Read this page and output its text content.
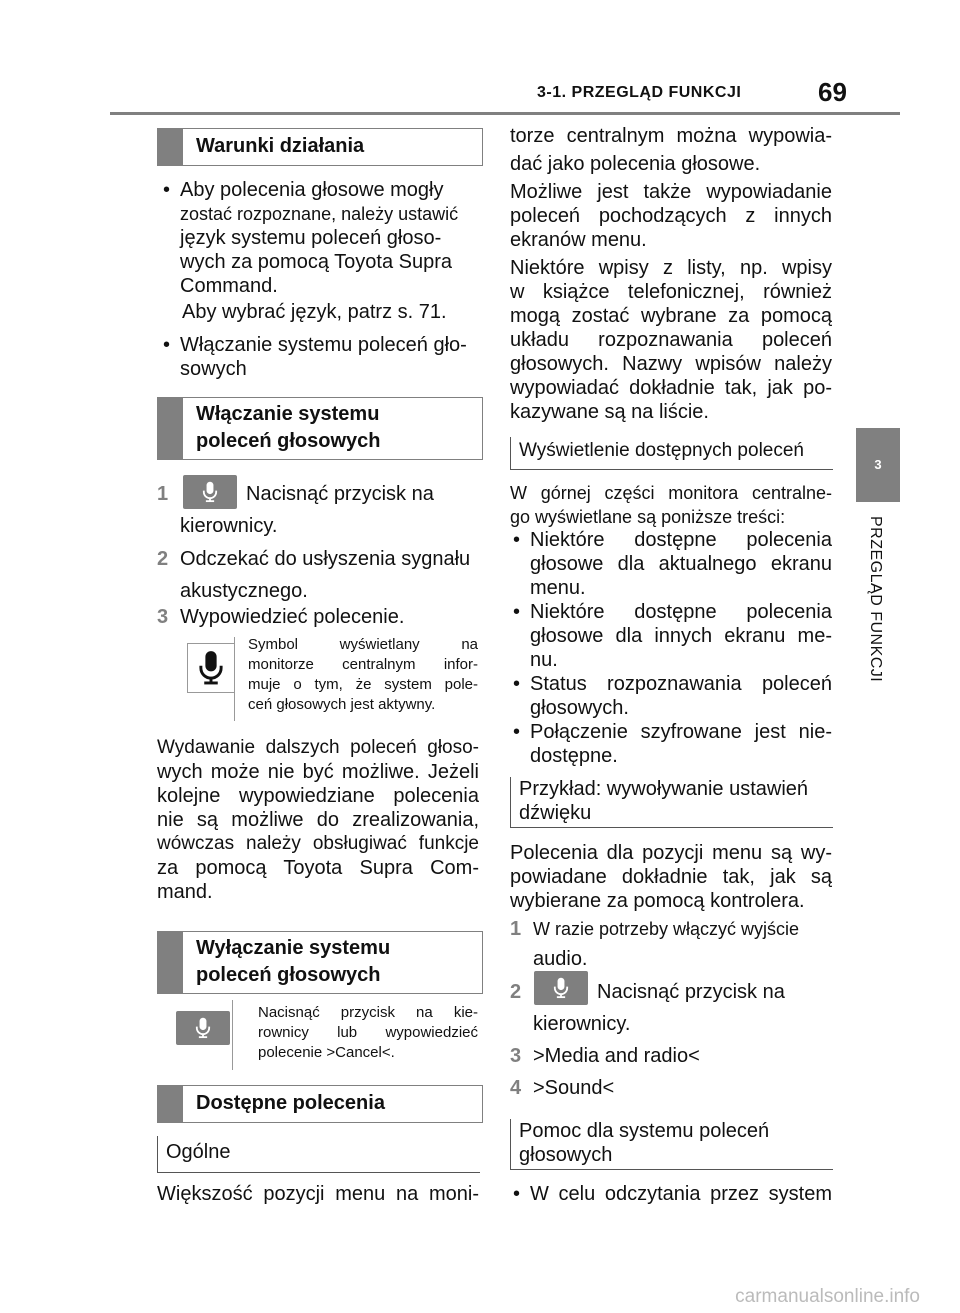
3-1. PRZEGLĄD FUNKCJI	69
3
PRZEGLĄD FUNKCJI
Warunki działania
• Aby polecenia głosowe mogły
zostać rozpoznane, należy ustawić
język systemu poleceń głoso-
wych za pomocą Toyota Supra
Command.
Aby wybrać język, patrz s. 71.
• Włączanie systemu poleceń gło-
sowych
Włączanie systemu
poleceń głosowych
1	Nacisnąć przycisk na
kierownicy.
2 Odczekać do usłyszenia sygnału
akustycznego.
3 Wypowiedzieć polecenie.
Symbol wyświetlany na
monitorze centralnym infor-
muje o tym, że system pole-
ceń głosowych jest aktywny.
Wydawanie dalszych poleceń głoso-
wych może nie być możliwe. Jeżeli
kolejne wypowiedziane polecenia
nie są możliwe do zrealizowania,
wówczas należy obsługiwać funkcje
za pomocą Toyota Supra Com-
mand.
Wyłączanie systemu
poleceń głosowych
Nacisnąć przycisk na kie-
rownicy lub wypowiedzieć
polecenie >Cancel<.
Dostępne polecenia
Ogólne
Większość pozycji menu na moni-
torze centralnym można wypowia-
dać jako polecenia głosowe.
Możliwe jest także wypowiadanie
poleceń pochodzących z innych
ekranów menu.
Niektóre wpisy z listy, np. wpisy
w książce telefonicznej, również
mogą zostać wybrane za pomocą
układu rozpoznawania poleceń
głosowych. Nazwy wpisów należy
wypowiadać dokładnie tak, jak po-
kazywane są na liście.
Wyświetlenie dostępnych poleceń
W górnej części monitora centralne-
go wyświetlane są poniższe treści:
• Niektóre dostępne polecenia
głosowe dla aktualnego ekranu
menu.
• Niektóre dostępne polecenia
głosowe dla innych ekranu me-
nu.
• Status rozpoznawania poleceń
głosowych.
• Połączenie szyfrowane jest nie-
dostępne.
Przykład: wywoływanie ustawień
dźwięku
Polecenia dla pozycji menu są wy-
powiadane dokładnie tak, jak są
wybierane za pomocą kontrolera.
1 W razie potrzeby włączyć wyjście
audio.
2	Nacisnąć przycisk na
kierownicy.
3 >Media and radio<
4 >Sound<
Pomoc dla systemu poleceń
głosowych
• W celu odczytania przez system
carmanualsonline.info
